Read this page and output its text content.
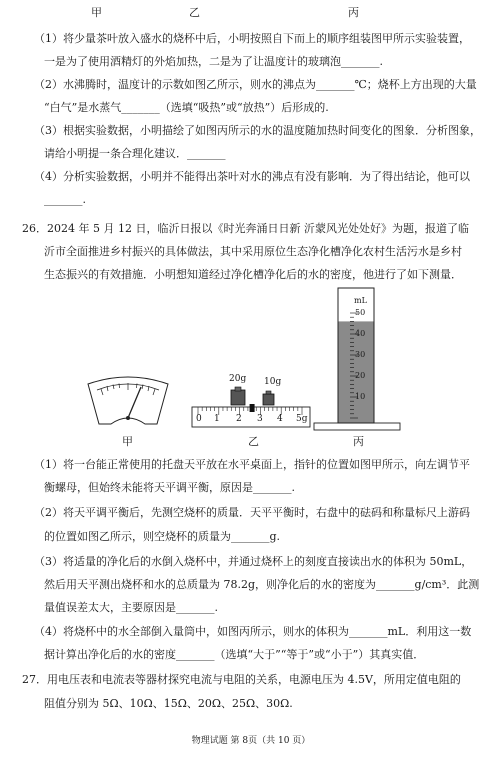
甲	乙	丙
（1）将少量茶叶放入盛水的烧杯中后，小明按照自下而上的顺序组装图甲所示实验装置，
一是为了使用酒精灯的外焰加热，二是为了让温度计的玻璃泡_______.
（2）水沸腾时，温度计的示数如图乙所示，则水的沸点为_______℃；烧杯上方出现的大量
“白气”是水蒸气_______（选填“吸热”或“放热”）后形成的.
（3）根据实验数据，小明描绘了如图丙所示的水的温度随加热时间变化的图象．分析图象，
请给小明提一条合理化建议．_______
（4）分析实验数据，小明并不能得出茶叶对水的沸点有没有影响．为了得出结论，他可以
_______.
26．2024 年 5 月 12 日，临沂日报以《时光奔涌日日新 沂蒙风光处处好》为题，报道了临
沂市全面推进乡村振兴的具体做法，其中采用原位生态净化槽净化农村生活污水是乡村
生态振兴的有效措施．小明想知道经过净化槽净化后的水的密度，他进行了如下测量．
甲
20g 10g
0 1 2 3 4 5g
乙
mL
50
40
30
20
10
丙
（1）将一台能正常使用的托盘天平放在水平桌面上，指针的位置如图甲所示，向左调节平
衡螺母，但始终未能将天平调平衡，原因是_______.
（2）将天平调平衡后，先测空烧杯的质量．天平平衡时，右盘中的砝码和称量标尺上游码
的位置如图乙所示，则空烧杯的质量为_______g.
（3）将适量的净化后的水倒入烧杯中，并通过烧杯上的刻度直接读出水的体积为 50mL，
然后用天平测出烧杯和水的总质量为 78.2g，则净化后的水的密度为_______g/cm³．此测
量值误差太大，主要原因是_______.
（4）将烧杯中的水全部倒入量筒中，如图丙所示，则水的体积为_______mL．利用这一数
据计算出净化后的水的密度_______（选填“大于”“等于”或“小于”）其真实值．
27．用电压表和电流表等器材探究电流与电阻的关系，电源电压为 4.5V，所用定值电阻的
阻值分别为 5Ω、10Ω、15Ω、20Ω、25Ω、30Ω.
物理试题 第 8页（共 10 页）
